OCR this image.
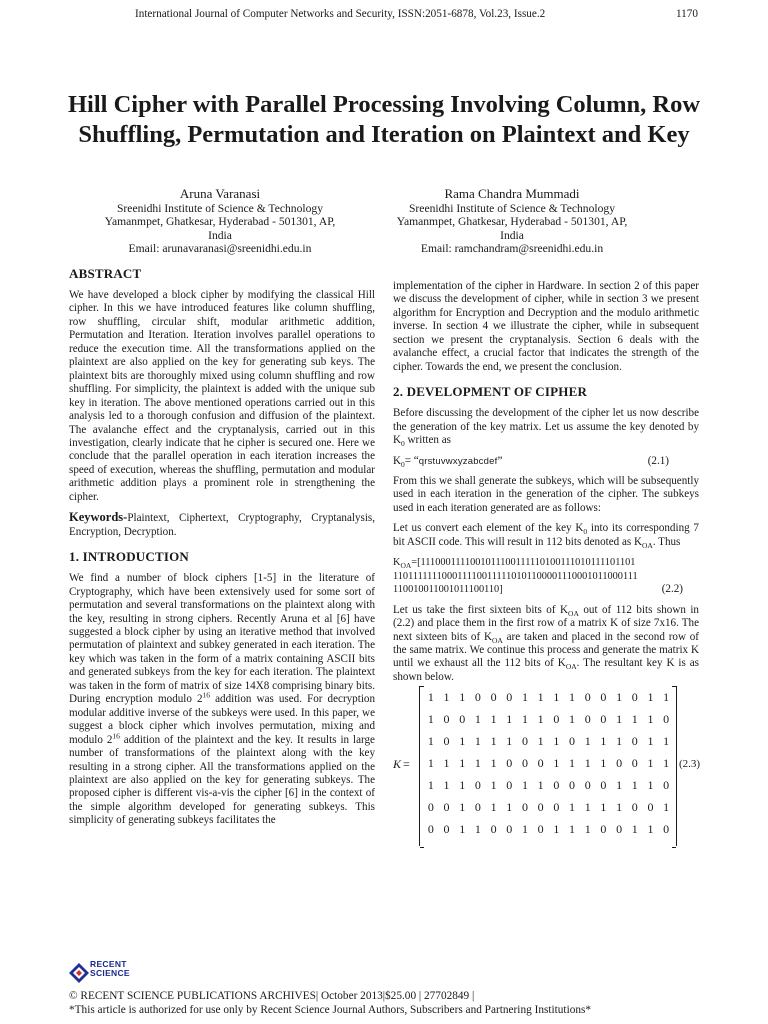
International Journal of Computer Networks and Security, ISSN:2051-6878, Vol.23, Issue.2	1170
Hill Cipher with Parallel Processing Involving Column, Row Shuffling, Permutation and Iteration on Plaintext and Key
Aruna Varanasi
Sreenidhi Institute of Science & Technology
Yamanmpet, Ghatkesar, Hyderabad - 501301, AP,
India
Email: arunavaranasi@sreenidhi.edu.in
Rama Chandra Mummadi
Sreenidhi Institute of Science & Technology
Yamanmpet, Ghatkesar, Hyderabad - 501301, AP,
India
Email: ramchandram@sreenidhi.edu.in
ABSTRACT

We have developed a block cipher by modifying the classical Hill cipher. In this we have introduced features like column shuffling, row shuffling, circular shift, modular arithmetic addition, Permutation and Iteration. Iteration involves parallel operations to reduce the execution time. All the transformations applied on the plaintext are also applied on the key for generating sub keys. The plaintext bits are thoroughly mixed using column shuffling and row shuffling. For simplicity, the plaintext is added with the unique sub key in iteration. The above mentioned operations carried out in this analysis led to a thorough confusion and diffusion of the plaintext. The avalanche effect and the cryptanalysis, carried out in this investigation, clearly indicate that he cipher is secured one. Here we conclude that the parallel operation in each iteration increases the speed of execution, whereas the shuffling, permutation and modular arithmetic addition plays a prominent role in strengthening the cipher.

Keywords-Plaintext, Ciphertext, Cryptography, Cryptanalysis, Encryption, Decryption.

1. INTRODUCTION

We find a number of block ciphers [1-5] in the literature of Cryptography, which have been extensively used for some sort of permutation and several transformations on the plaintext along with the key, resulting in strong ciphers. Recently Aruna et al [6] have suggested a block cipher by using an iterative method that involved permutation of plaintext and subkey generated in each iteration. The key which was taken in the form of a matrix containing ASCII bits and generated subkeys from the key for each iteration. The plaintext was taken in the form of matrix of size 14X8 comprising binary bits. During encryption modulo $2^{16}$ addition was used. For decryption modular additive inverse of the subkeys were used. In this paper, we suggest a block cipher which involves permutation, mixing and modulo $2^{16}$ addition of the plaintext and the key. It results in large number of transformations of the plaintext along with the key resulting in a strong cipher. All the transformations applied on the plaintext are also applied on the key for generating subkeys. The proposed cipher is different vis-a-vis the cipher [6] in the context of the simple algorithm developed for generating subkeys. This simplicity of generating subkeys facilitates the

implementation of the cipher in Hardware. In section 2 of this paper we discuss the development of cipher, while in section 3 we present algorithm for Encryption and Decryption and the modulo arithmetic inverse. In section 4 we illustrate the cipher, while in subsequent section we present the cryptanalysis. Section 6 deals with the avalanche effect, a crucial factor that indicates the strength of the cipher. Towards the end, we present the conclusion.

2. DEVELOPMENT OF CIPHER

Before discussing the development of the cipher let us now describe the generation of the key matrix. Let us assume the key denoted by $K_0$ written as

$K_0=$ “qrstuvwxyzabcdef”	(2.1)

From this we shall generate the subkeys, which will be subsequently used in each iteration in the generation of the cipher. The subkeys used in each iteration generated are as follows:

Let us convert each element of the key $K_0$ into its corresponding 7 bit ASCII code. This will result in 112 bits denoted as $K_{OA}$. Thus

$K_{OA}=[1110001111001011100111110100111010111101101$
1101111111000111100111110101100001110001011000111
110010011001011100110]	(2.2)

Let us take the first sixteen bits of $K_{OA}$ out of 112 bits shown in (2.2) and place them in the first row of a matrix K of size 7x16. The next sixteen bits of $K_{OA}$ are taken and placed in the second row of the same matrix. We continue this process and generate the matrix K until we exhaust all the 112 bits of $K_{OA}$. The resultant key K is as shown below.

K =
1 1 1 0 0 0 1 1 1 1 0 0 1 0 1 1
1 0 0 1 1 1 1 1 0 1 0 0 1 1 1 0
1 0 1 1 1 1 0 1 1 0 1 1 1 0 1 1
1 1 1 1 1 0 0 0 1 1 1 1 0 0 1 1
1 1 1 0 1 0 1 1 0 0 0 0 1 1 1 0
0 0 1 0 1 1 0 0 0 1 1 1 1 0 0 1
0 0 1 1 0 0 1 0 1 1 1 0 0 1 1 0
(2.3)
RECENT
SCIENCE
© RECENT SCIENCE PUBLICATIONS ARCHIVES| October 2013|$25.00 | 27702849 |
*This article is authorized for use only by Recent Science Journal Authors, Subscribers and Partnering Institutions*
